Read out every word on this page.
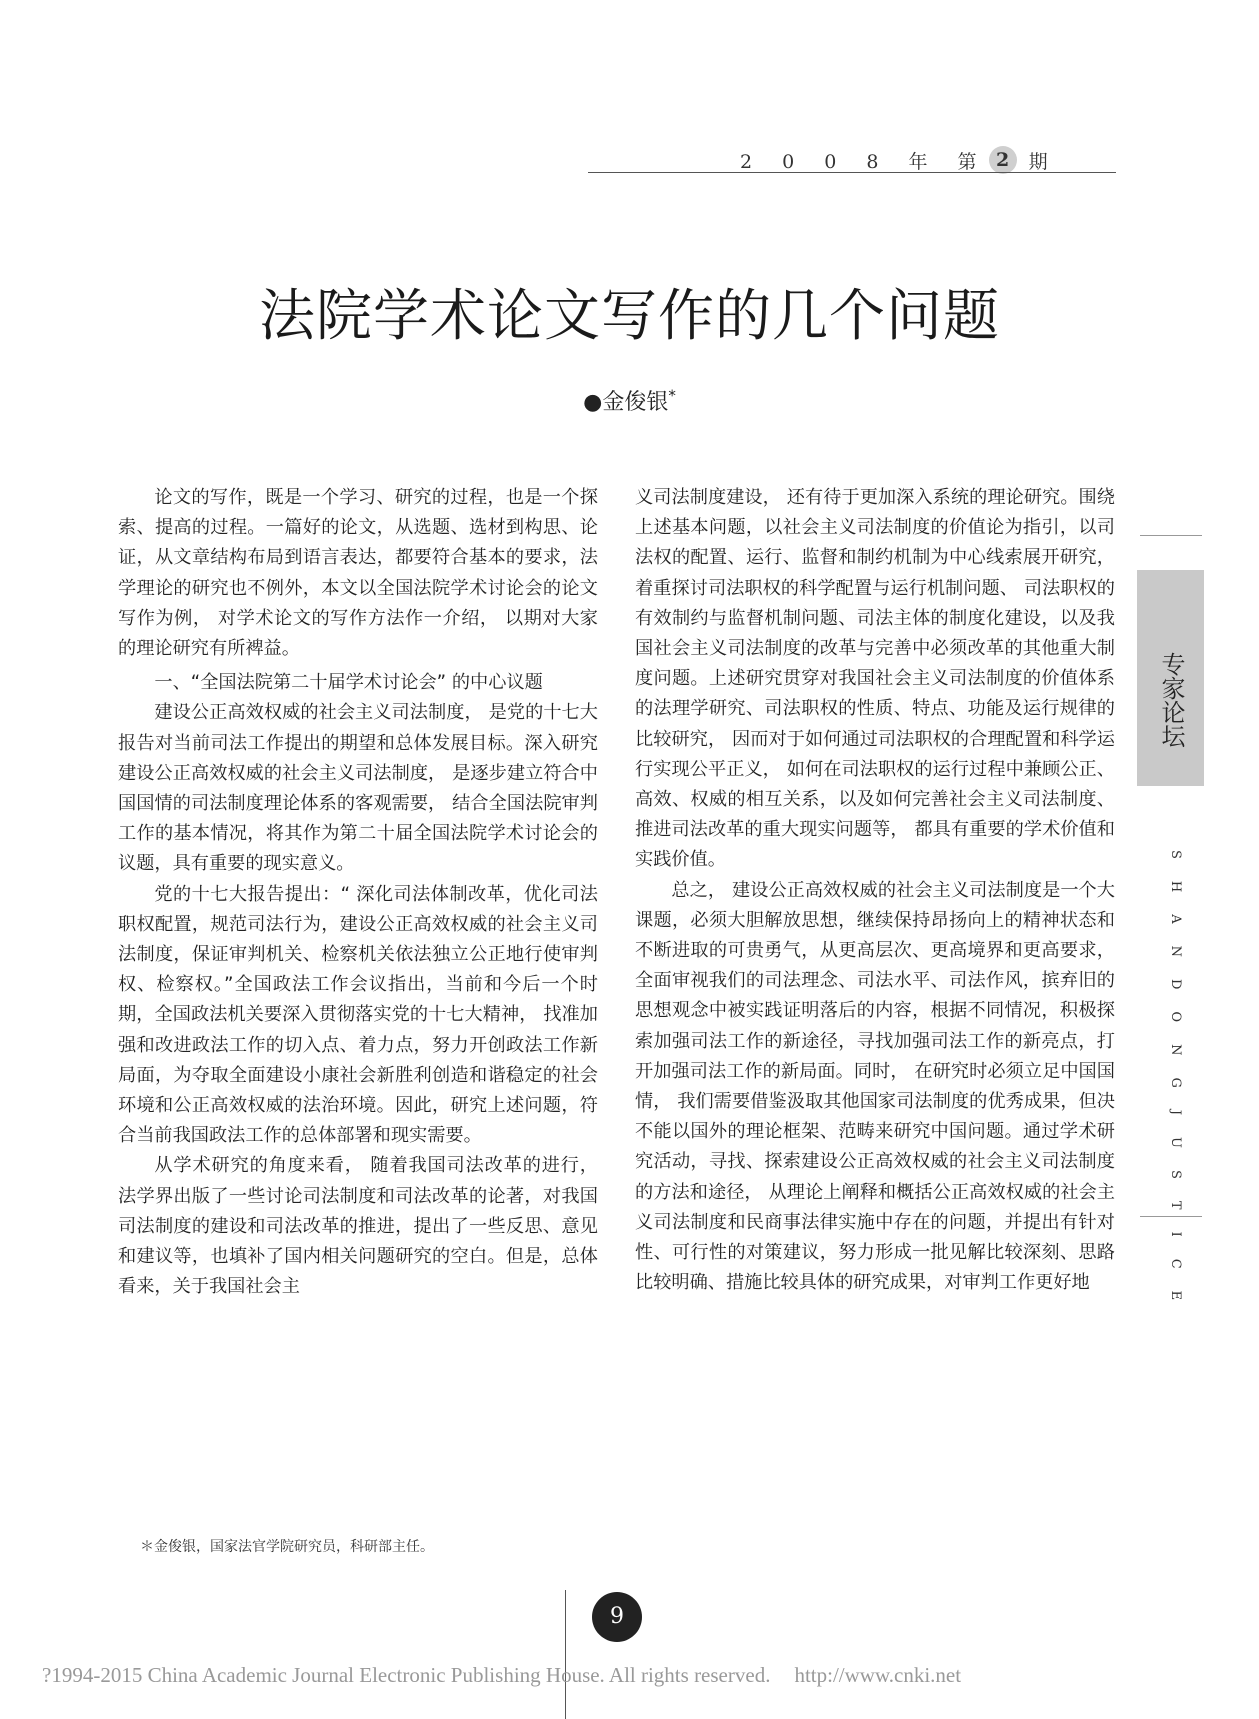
2 0 0 8 年 第 2	期
法院学术论文写作的几个问题
●金俊银*

论文的写作，既是一个学习、研究的过程，也是一个探索、提高的过程。一篇好的论文，从选题、选材到构思、论证，从文章结构布局到语言表达，都要符合基本的要求，法学理论的研究也不例外，本文以全国法院学术讨论会的论文写作为例， 对学术论文的写作方法作一介绍， 以期对大家的理论研究有所裨益。

一、“全国法院第二十届学术讨论会” 的中心议题

建设公正高效权威的社会主义司法制度， 是党的十七大报告对当前司法工作提出的期望和总体发展目标。深入研究建设公正高效权威的社会主义司法制度， 是逐步建立符合中国国情的司法制度理论体系的客观需要， 结合全国法院审判工作的基本情况，将其作为第二十届全国法院学术讨论会的议题，具有重要的现实意义。

党的十七大报告提出：“ 深化司法体制改革，优化司法职权配置，规范司法行为，建设公正高效权威的社会主义司法制度，保证审判机关、检察机关依法独立公正地行使审判权、检察权。”全国政法工作会议指出，当前和今后一个时期，全国政法机关要深入贯彻落实党的十七大精神， 找准加强和改进政法工作的切入点、着力点，努力开创政法工作新局面，为夺取全面建设小康社会新胜利创造和谐稳定的社会环境和公正高效权威的法治环境。因此，研究上述问题，符合当前我国政法工作的总体部署和现实需要。

从学术研究的角度来看， 随着我国司法改革的进行， 法学界出版了一些讨论司法制度和司法改革的论著，对我国司法制度的建设和司法改革的推进，提出了一些反思、意见和建议等，也填补了国内相关问题研究的空白。但是，总体看来，关于我国社会主

义司法制度建设， 还有待于更加深入系统的理论研究。围绕上述基本问题，以社会主义司法制度的价值论为指引，以司法权的配置、运行、监督和制约机制为中心线索展开研究， 着重探讨司法职权的科学配置与运行机制问题、 司法职权的有效制约与监督机制问题、司法主体的制度化建设，以及我国社会主义司法制度的改革与完善中必须改革的其他重大制度问题。上述研究贯穿对我国社会主义司法制度的价值体系的法理学研究、司法职权的性质、特点、功能及运行规律的比较研究， 因而对于如何通过司法职权的合理配置和科学运行实现公平正义， 如何在司法职权的运行过程中兼顾公正、高效、权威的相互关系，以及如何完善社会主义司法制度、推进司法改革的重大现实问题等， 都具有重要的学术价值和实践价值。

总之， 建设公正高效权威的社会主义司法制度是一个大课题，必须大胆解放思想，继续保持昂扬向上的精神状态和不断进取的可贵勇气，从更高层次、更高境界和更高要求，全面审视我们的司法理念、司法水平、司法作风，摈弃旧的思想观念中被实践证明落后的内容，根据不同情况，积极探索加强司法工作的新途径，寻找加强司法工作的新亮点，打开加强司法工作的新局面。同时， 在研究时必须立足中国国情， 我们需要借鉴汲取其他国家司法制度的优秀成果，但决不能以国外的理论框架、范畴来研究中国问题。通过学术研究活动，寻找、探索建设公正高效权威的社会主义司法制度的方法和途径， 从理论上阐释和概括公正高效权威的社会主义司法制度和民商事法律实施中存在的问题，并提出有针对性、可行性的对策建议，努力形成一批见解比较深刻、思路比较明确、措施比较具体的研究成果，对审判工作更好地

专家论坛
SHANDONGJUSTICE
＊金俊银，国家法官学院研究员，科研部主任。
9
?1994-2015 China Academic Journal Electronic Publishing House. All rights reserved. http://www.cnki.net
